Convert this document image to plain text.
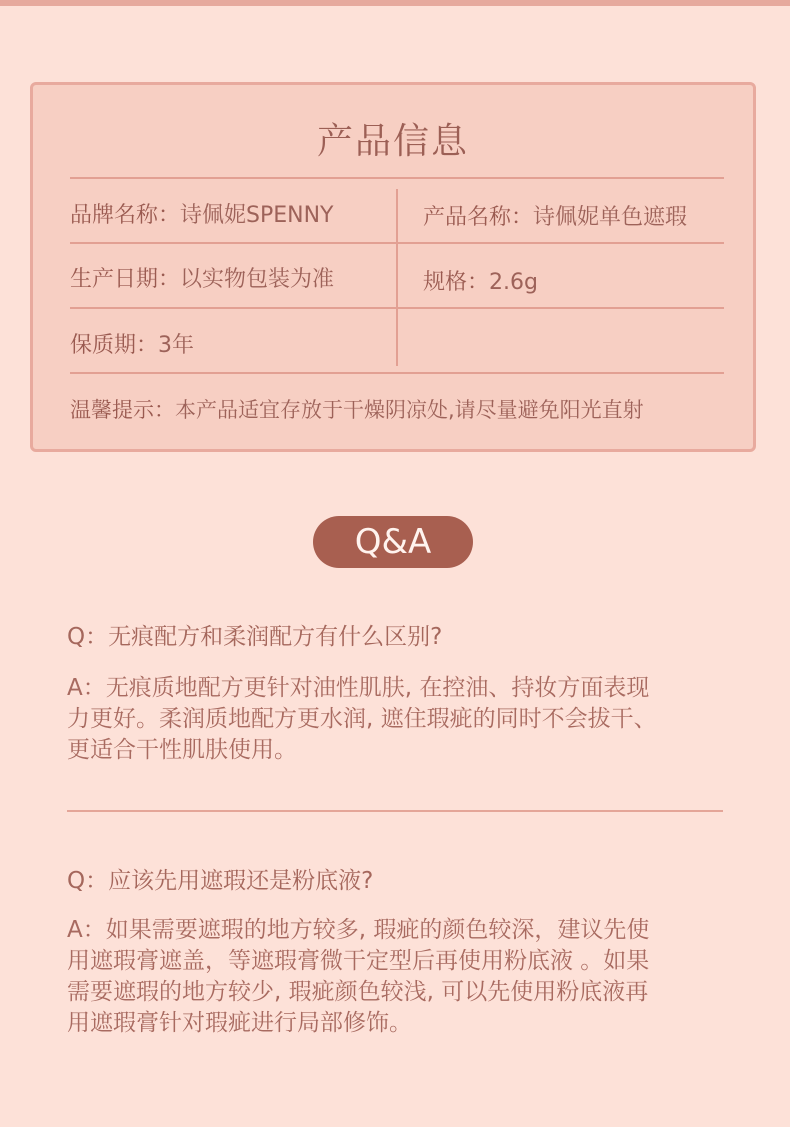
产品信息
品牌名称：诗佩妮SPENNY	产品名称：诗佩妮单色遮瑕
生产日期：以实物包装为准	规格：2.6g
保质期：3年
温馨提示：本产品适宜存放于干燥阴凉处,请尽量避免阳光直射
Q&A
Q：无痕配方和柔润配方有什么区别?
A：无痕质地配方更针对油性肌肤, 在控油、持妆方面表现
力更好。柔润质地配方更水润, 遮住瑕疵的同时不会拔干、
更适合干性肌肤使用。
Q：应该先用遮瑕还是粉底液?
A：如果需要遮瑕的地方较多, 瑕疵的颜色较深，建议先使
用遮瑕膏遮盖，等遮瑕膏微干定型后再使用粉底液 。如果
需要遮瑕的地方较少, 瑕疵颜色较浅, 可以先使用粉底液再
用遮瑕膏针对瑕疵进行局部修饰。
